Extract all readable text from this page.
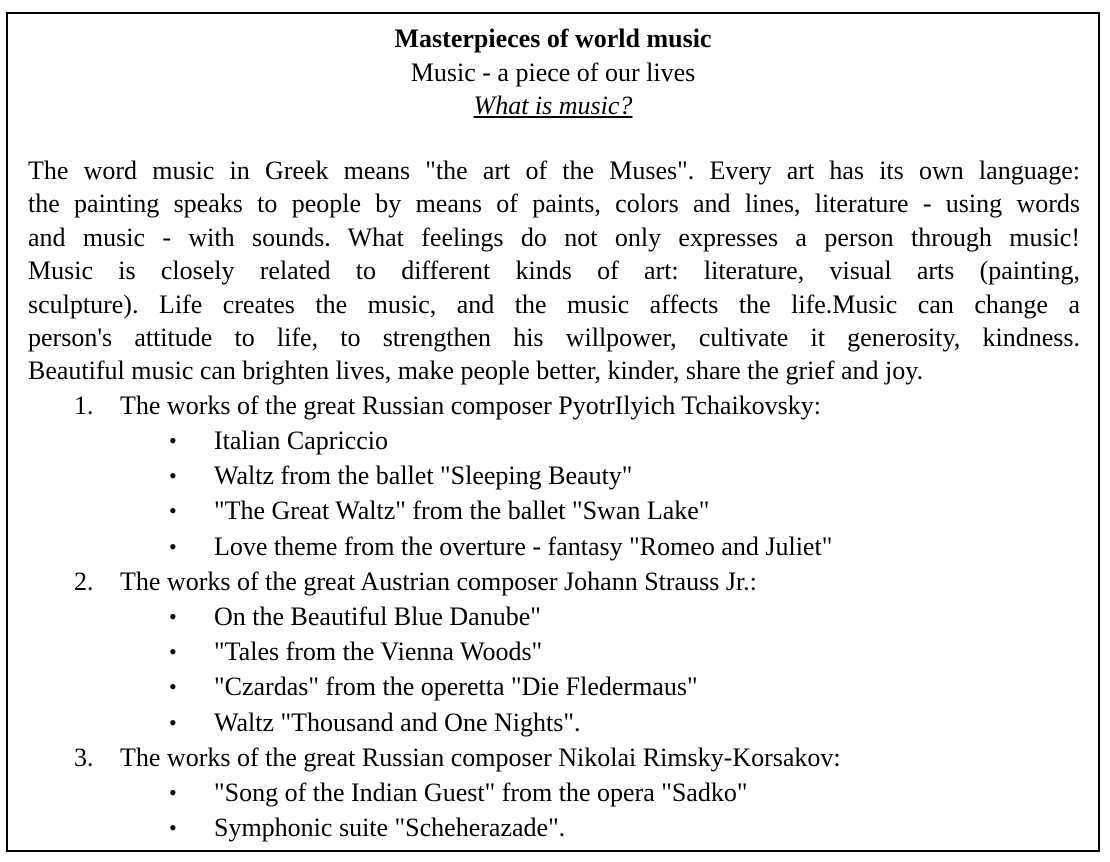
Masterpieces of world music
Music - a piece of our lives
What is music?
The word music in Greek means "the art of the Muses". Every art has its own language:
the painting speaks to people by means of paints, colors and lines, literature - using words
and music - with sounds. What feelings do not only expresses a person through music!
Music is closely related to different kinds of art: literature, visual arts (painting,
sculpture). Life creates the music, and the music affects the life.Music can change a
person's attitude to life, to strengthen his willpower, cultivate it generosity, kindness.
Beautiful music can brighten lives, make people better, kinder, share the grief and joy.
1. The works of the great Russian composer PyotrIlyich Tchaikovsky:
• Italian Capriccio
• Waltz from the ballet "Sleeping Beauty"
• "The Great Waltz" from the ballet "Swan Lake"
• Love theme from the overture - fantasy "Romeo and Juliet"
2. The works of the great Austrian composer Johann Strauss Jr.:
• On the Beautiful Blue Danube"
• "Tales from the Vienna Woods"
• "Czardas" from the operetta "Die Fledermaus"
• Waltz "Thousand and One Nights".
3. The works of the great Russian composer Nikolai Rimsky-Korsakov:
• "Song of the Indian Guest" from the opera "Sadko"
• Symphonic suite "Scheherazade".
